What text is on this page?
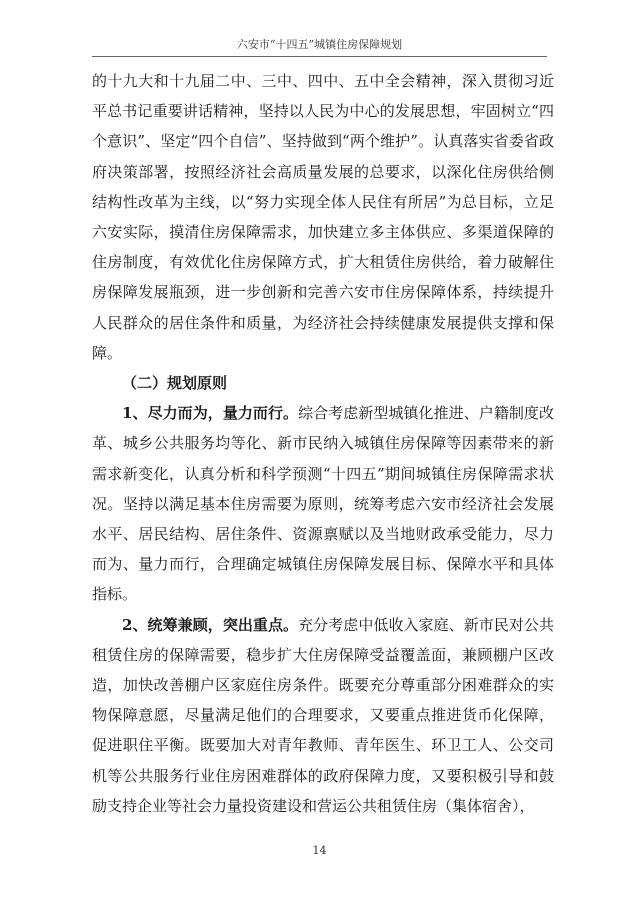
六安市“十四五”城镇住房保障规划

的十九大和十九届二中、三中、四中、五中全会精神，深入贯彻习近平总书记重要讲话精神，坚持以人民为中心的发展思想，牢固树立“四个意识”、坚定“四个自信”、坚持做到“两个维护”。认真落实省委省政府决策部署，按照经济社会高质量发展的总要求，以深化住房供给侧结构性改革为主线，以“努力实现全体人民住有所居”为总目标，立足六安实际，摸清住房保障需求，加快建立多主体供应、多渠道保障的住房制度，有效优化住房保障方式，扩大租赁住房供给，着力破解住房保障发展瓶颈，进一步创新和完善六安市住房保障体系，持续提升人民群众的居住条件和质量，为经济社会持续健康发展提供支撑和保障。

（二）规划原则

1、尽力而为，量力而行。综合考虑新型城镇化推进、户籍制度改革、城乡公共服务均等化、新市民纳入城镇住房保障等因素带来的新需求新变化，认真分析和科学预测“十四五”期间城镇住房保障需求状况。坚持以满足基本住房需要为原则，统筹考虑六安市经济社会发展水平、居民结构、居住条件、资源禀赋以及当地财政承受能力，尽力而为、量力而行，合理确定城镇住房保障发展目标、保障水平和具体指标。

2、统筹兼顾，突出重点。充分考虑中低收入家庭、新市民对公共租赁住房的保障需要，稳步扩大住房保障受益覆盖面，兼顾棚户区改造，加快改善棚户区家庭住房条件。既要充分尊重部分困难群众的实物保障意愿，尽量满足他们的合理要求，又要重点推进货币化保障，促进职住平衡。既要加大对青年教师、青年医生、环卫工人、公交司机等公共服务行业住房困难群体的政府保障力度，又要积极引导和鼓励支持企业等社会力量投资建设和营运公共租赁住房（集体宿舍），

14
